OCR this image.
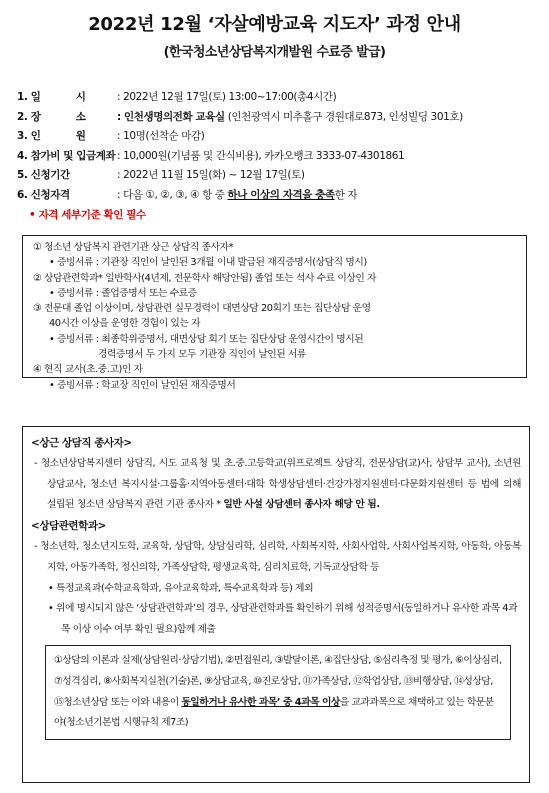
2022년 12월 ‘자살예방교육 지도자’ 과정 안내
(한국청소년상담복지개발원 수료증 발급)
1. 일	시	: 2022년 12월 17일(토) 13:00~17:00(총4시간)
2. 장	소	: 인천생명의전화 교육실 (인천광역시 미추홀구 경원대로873, 인성빌딩 301호)
3. 인	원	: 10명(선착순 마감)
4. 참가비 및 입금계좌 : 10,000원(기념품 및 간식비용), 카카오뱅크 3333-07-4301861
5. 신청기간	: 2022년 11월 15일(화) ~ 12월 17일(토)
6. 신청자격	: 다음 ①, ②, ③, ④ 항 중 하나 이상의 자격을 충족한 자
• 자격 세부기준 확인 필수
① 청소년 상담복지 관련기관 상근 상담직 종사자*
• 증빙서류 : 기관장 직인이 날인된 3개월 이내 발급된 재직증명서(상담직 명시)
② 상담관련학과* 일반학사(4년제, 전문학사 해당안됨) 졸업 또는 석사 수료 이상인 자
• 증빙서류 : 졸업증명서 또는 수료증
③ 전문대 졸업 이상이며, 상담관련 실무경력이 대면상담 20회기 또는 집단상담 운영
40시간 이상을 운영한 경험이 있는 자
• 증빙서류 : 최종학위증명서, 대면상담 회기 또는 집단상담 운영시간이 명시된
경력증명서 두 가지 모두 기관장 직인이 날인된 서류
④ 현직 교사(초.중.고)인 자
• 증빙서류 : 학교장 직인이 날인된 재직증명서
<상근 상담직 종사자>
- 청소년상담복지센터 상담직, 시도 교육청 및 초.중.고등학교(위프로젝트 상담직, 전문상담(교)사, 상담부 교사), 소년원 상담교사, 청소년 복지시설·그룹홈·지역아동센터·대학 학생상담센터·건강가정지원센터·다문화지원센터 등 법에 의해 설립된 청소년 상담복지 관련 기관 종사자 * 일반 사설 상담센터 종사자 해당 안 됨.
<상담관련학과>
- 청소년학, 청소년지도학, 교육학, 상담학, 상담심리학, 심리학, 사회복지학, 사회사업학, 사회사업복지학, 아동학, 아동복지학, 아동가족학, 정신의학, 가족상담학, 평생교육학, 심리치료학, 기독교상담학 등
• 특정교육과(수학교육학과, 유아교육학과, 특수교육학과 등) 제외
• 위에 명시되지 않은 ‘상담관련학과’의 경우, 상담관련학과를 확인하기 위해 성적증명서(동일하거나 유사한 과목 4과목 이상 이수 여부 확인 필요)함께 제출
①상담의 이론과 실제(상담원리·상담기법), ②면접원리, ③발달이론, ④집단상담, ⑤심리측정 및 평가, ⑥이상심리, ⑦성격심리, ⑧사회복지실천(기술)론, ⑨상담교육, ⑩진로상담, ⑪가족상담, ⑫학업상담, ⑬비행상담, ⑭성상담, ⑮청소년상담 또는 이와 내용이 동일하거나 유사한 과목’ 중 4과목 이상을 교과과목으로 채택하고 있는 학문분야(청소년기본법 시행규칙 제7조)
